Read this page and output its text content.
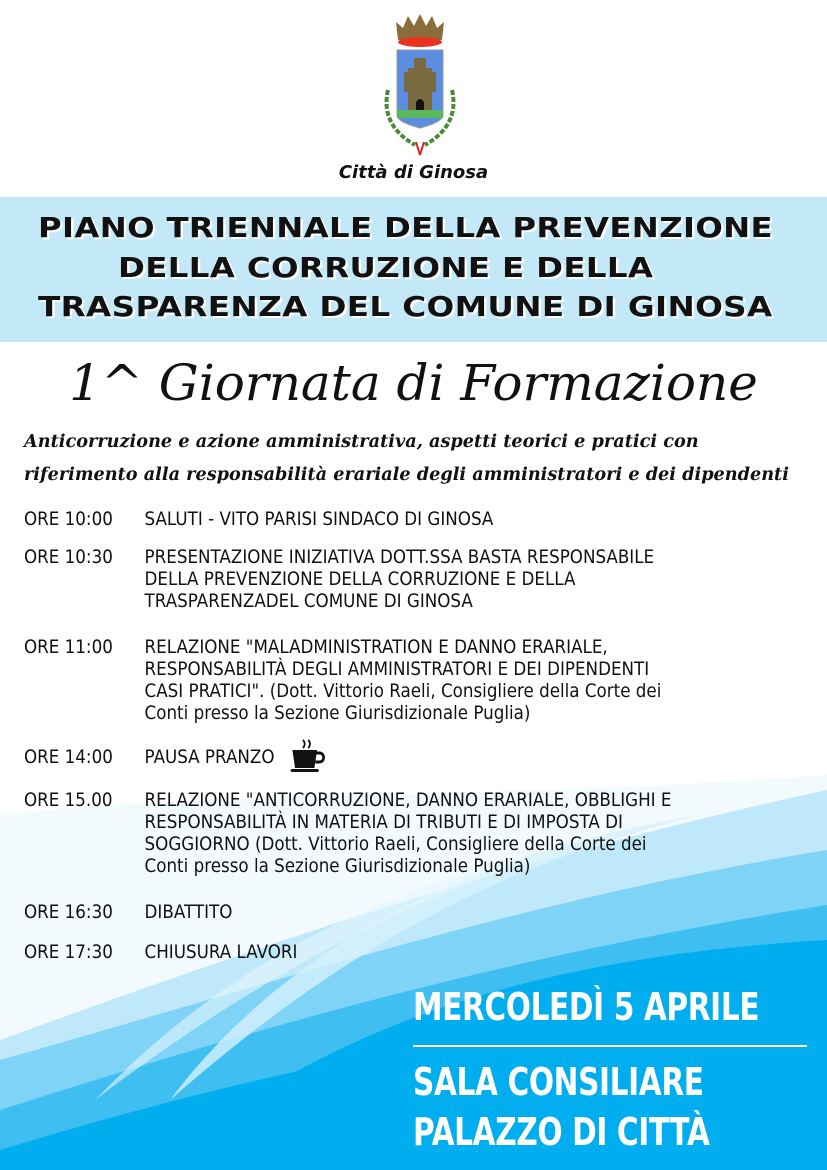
Città di Ginosa
PIANO TRIENNALE DELLA PREVENZIONE
DELLA CORRUZIONE E DELLA
TRASPARENZA DEL COMUNE DI GINOSA
1^ Giornata di Formazione
Anticorruzione e azione amministrativa, aspetti teorici e pratici con
riferimento alla responsabilità erariale degli amministratori e dei dipendenti
ORE 10:00 SALUTI - VITO PARISI SINDACO DI GINOSA
ORE 10:30 PRESENTAZIONE INIZIATIVA DOTT.SSA BASTA RESPONSABILE
DELLA PREVENZIONE DELLA CORRUZIONE E DELLA
TRASPARENZADEL COMUNE DI GINOSA
ORE 11:00 RELAZIONE "MALADMINISTRATION E DANNO ERARIALE,
RESPONSABILITÀ DEGLI AMMINISTRATORI E DEI DIPENDENTI
CASI PRATICI". (Dott. Vittorio Raeli, Consigliere della Corte dei
Conti presso la Sezione Giurisdizionale Puglia)
ORE 14:00 PAUSA PRANZO
ORE 15.00 RELAZIONE "ANTICORRUZIONE, DANNO ERARIALE, OBBLIGHI E
RESPONSABILITÀ IN MATERIA DI TRIBUTI E DI IMPOSTA DI
SOGGIORNO (Dott. Vittorio Raeli, Consigliere della Corte dei
Conti presso la Sezione Giurisdizionale Puglia)
ORE 16:30 DIBATTITO
ORE 17:30 CHIUSURA LAVORI
MERCOLEDÌ 5 APRILE
SALA CONSILIARE
PALAZZO DI CITTÀ
